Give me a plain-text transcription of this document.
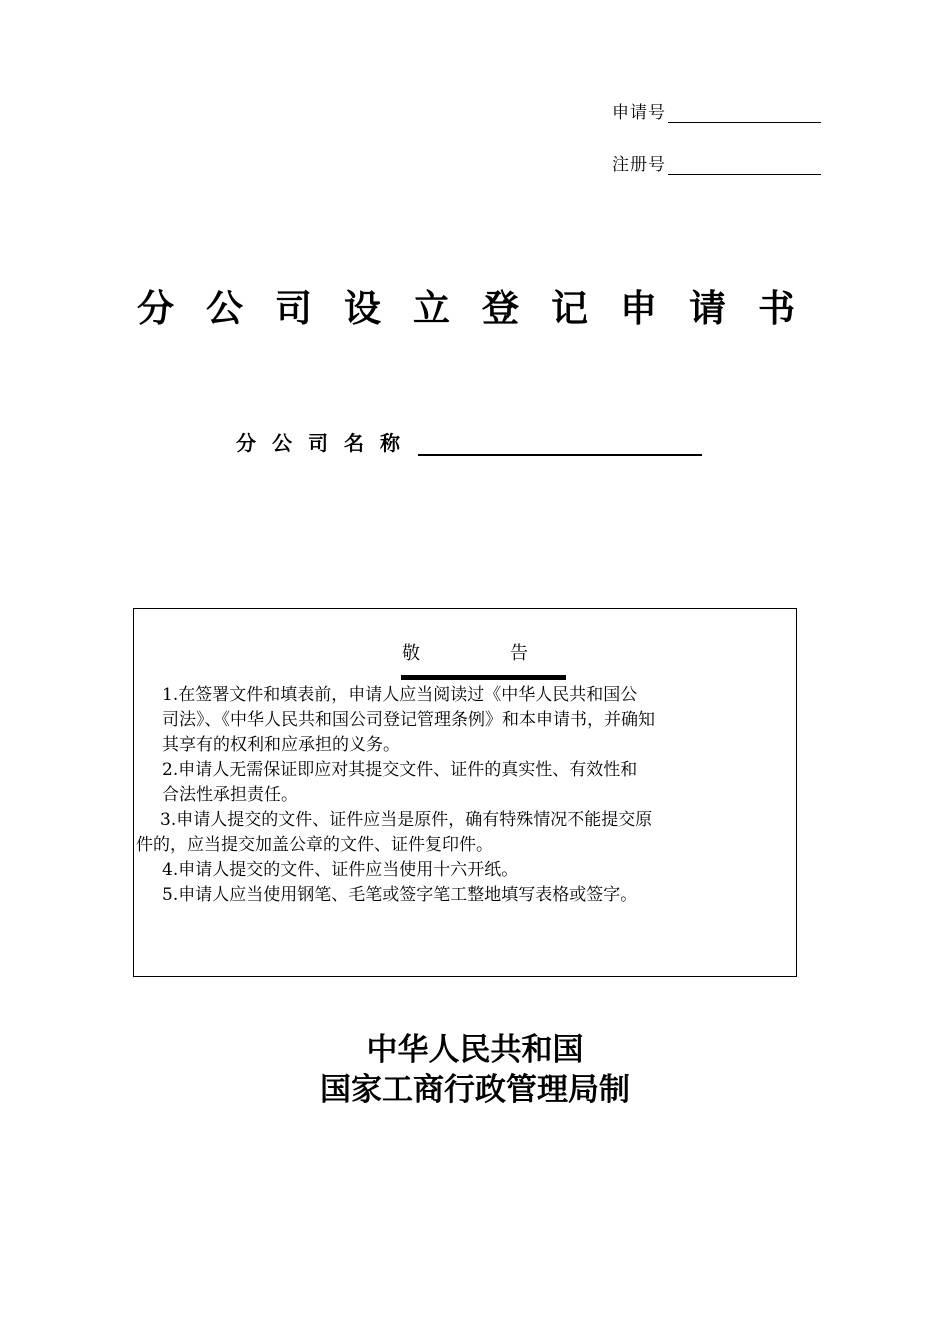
申请号
注册号
分公司设立登记申请书
分公司名称
敬告
1.在签署文件和填表前，申请人应当阅读过《中华人民共和国公
司法》、《中华人民共和国公司登记管理条例》和本申请书，并确知
其享有的权利和应承担的义务。
2.申请人无需保证即应对其提交文件、证件的真实性、有效性和
合法性承担责任。
3.申请人提交的文件、证件应当是原件，确有特殊情况不能提交原
件的，应当提交加盖公章的文件、证件复印件。
4.申请人提交的文件、证件应当使用十六开纸。
5.申请人应当使用钢笔、毛笔或签字笔工整地填写表格或签字。
中华人民共和国
国家工商行政管理局制
